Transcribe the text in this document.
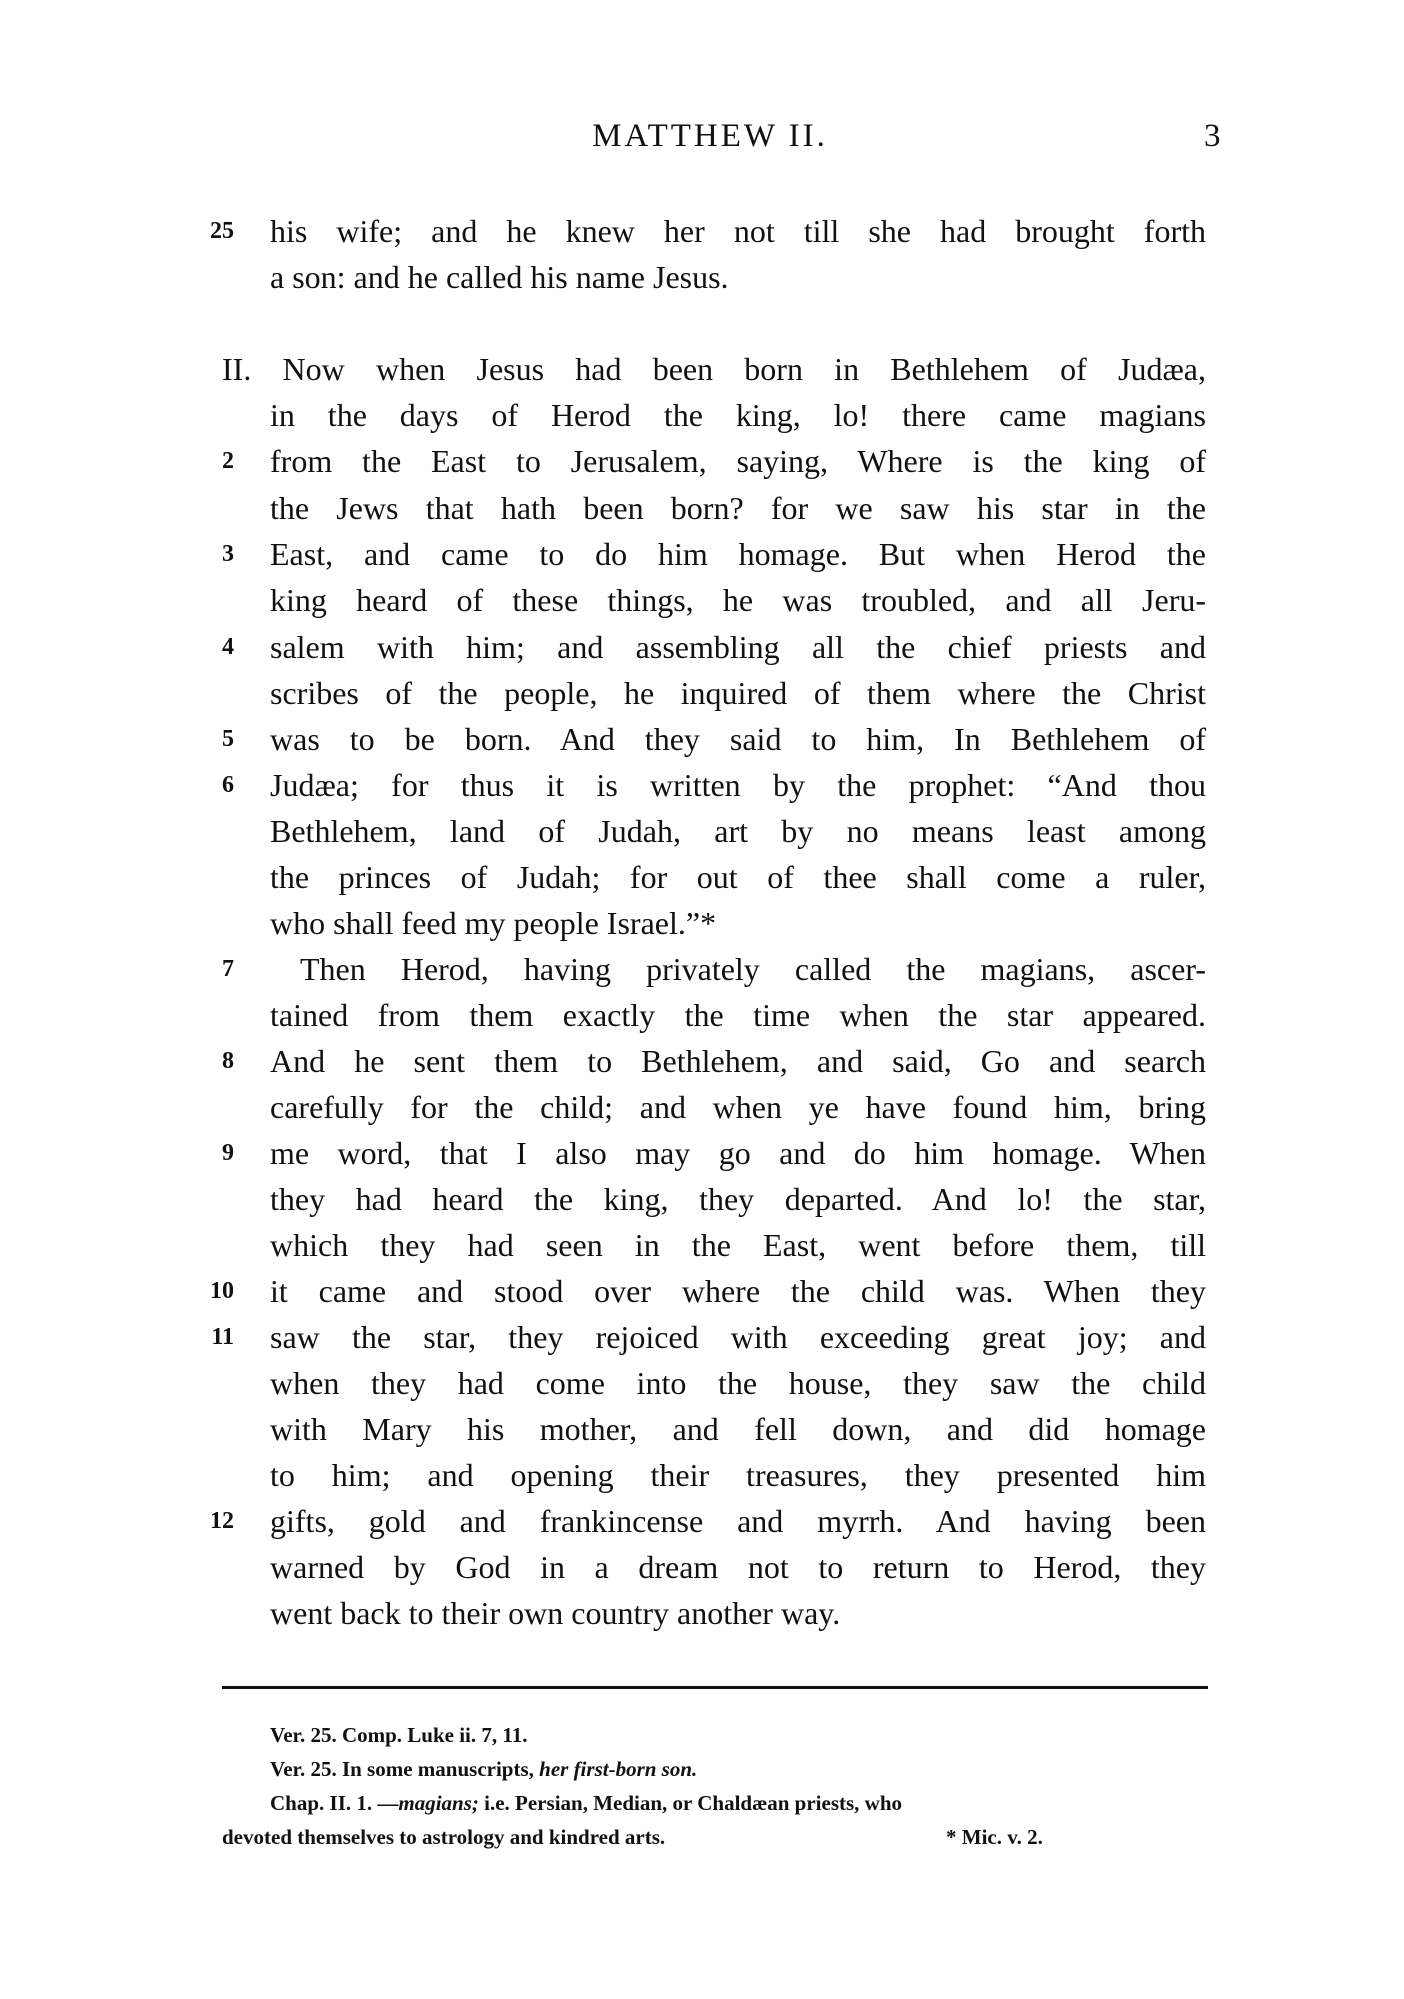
MATTHEW II.	3
25
2
3
4
5
6
7
8
9
10
11
12
his wife; and he knew her not till she had brought forth
a son: and he called his name Jesus.
II. Now when Jesus had been born in Bethlehem of Judæa,
in the days of Herod the king, lo! there came magians
from the East to Jerusalem, saying, Where is the king of
the Jews that hath been born? for we saw his star in the
East, and came to do him homage. But when Herod the
king heard of these things, he was troubled, and all Jeru-
salem with him; and assembling all the chief priests and
scribes of the people, he inquired of them where the Christ
was to be born. And they said to him, In Bethlehem of
Judæa; for thus it is written by the prophet: “And thou
Bethlehem, land of Judah, art by no means least among
the princes of Judah; for out of thee shall come a ruler,
who shall feed my people Israel.”*
Then Herod, having privately called the magians, ascer-
tained from them exactly the time when the star appeared.
And he sent them to Bethlehem, and said, Go and search
carefully for the child; and when ye have found him, bring
me word, that I also may go and do him homage. When
they had heard the king, they departed. And lo! the star,
which they had seen in the East, went before them, till
it came and stood over where the child was. When they
saw the star, they rejoiced with exceeding great joy; and
when they had come into the house, they saw the child
with Mary his mother, and fell down, and did homage
to him; and opening their treasures, they presented him
gifts, gold and frankincense and myrrh. And having been
warned by God in a dream not to return to Herod, they
went back to their own country another way.
Ver. 25. Comp. Luke ii. 7, 11.
Ver. 25. In some manuscripts, her first-born son.
Chap. II. 1. —magians; i.e. Persian, Median, or Chaldæan priests, who
devoted themselves to astrology and kindred arts.	* Mic. v. 2.
